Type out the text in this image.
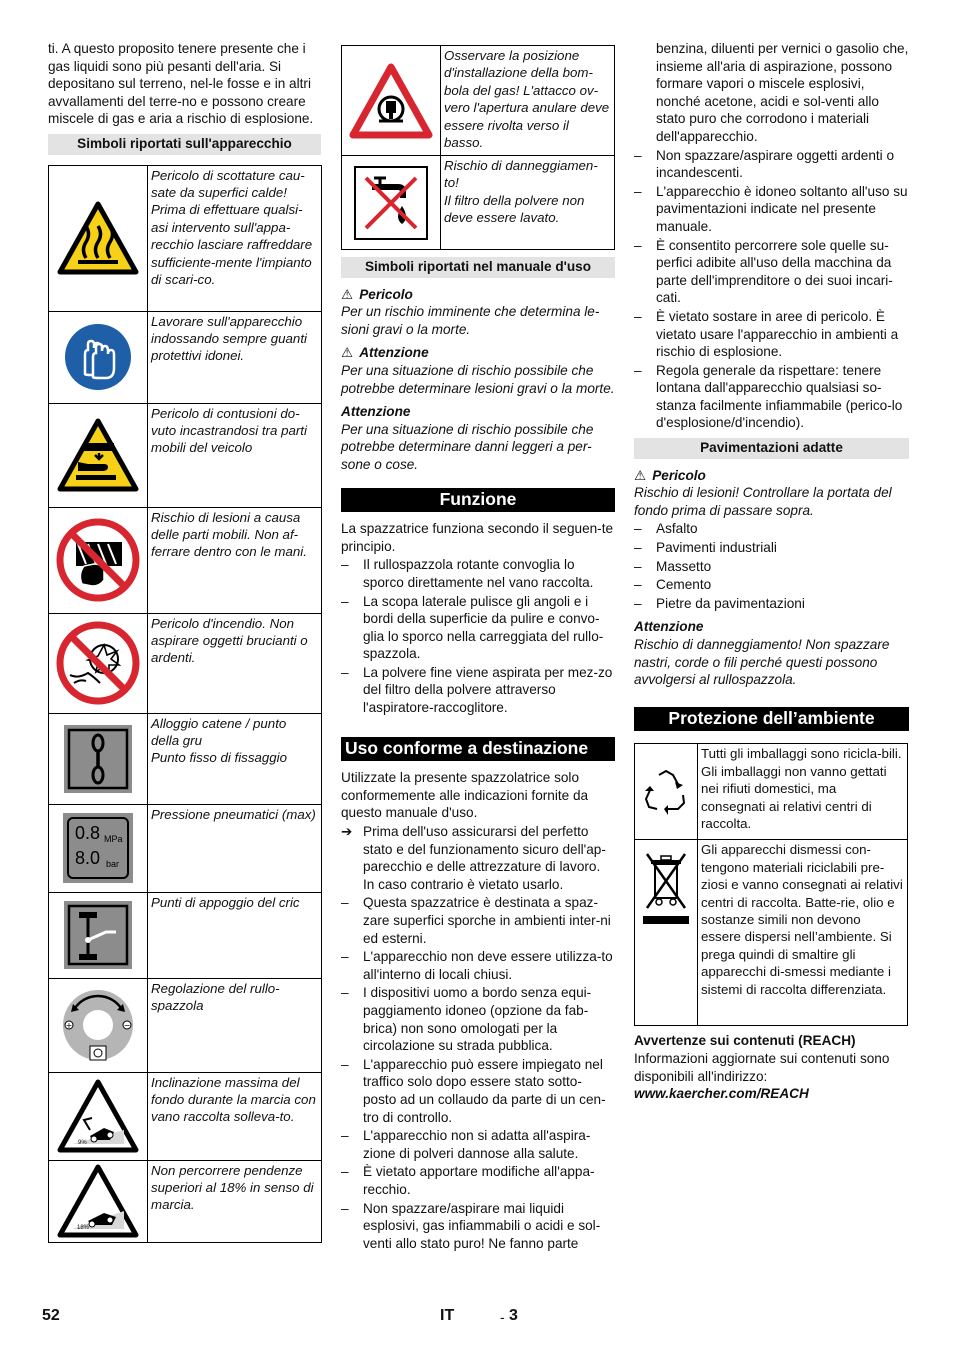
ti. A questo proposito tenere presente che i gas liquidi sono più pesanti dell'aria. Si depositano sul terreno, nel-le fosse e in altri avvallamenti del terre-no e possono creare miscele di gas e aria a rischio di esplosione.

Simboli riportati sull'apparecchio
	Pericolo di scottature cau-sate da superfici calde! Prima di effettuare qualsi-asi intervento sull'appa-recchio lasciare raffreddare sufficiente-mente l'impianto di scari-co.

	Lavorare sull'apparecchio indossando sempre guanti protettivi idonei.

	Pericolo di contusioni do-vuto incastrandosi tra parti mobili del veicolo

	Rischio di lesioni a causa delle parti mobili. Non af-ferrare dentro con le mani.

	Pericolo d'incendio. Non aspirare oggetti brucianti o ardenti.

	Alloggio catene / punto della gru
Punto fisso di fissaggio

0.8 MPa
8.0 bar	Pressione pneumatici (max)

	Punti di appoggio del cric

+ −	Regolazione del rullo-spazzola

9%	Inclinazione massima del fondo durante la marcia con vano raccolta solleva-to.

18%	Non percorrere pendenze superiori al 18% in senso di marcia.
	Osservare la posizione d'installazione della bom-bola del gas! L'attacco ov-vero l'apertura anulare deve essere rivolta verso il basso.

	Rischio di danneggiamen-to!
Il filtro della polvere non deve essere lavato.
Simboli riportati nel manuale d'uso
⚠ Pericolo

Per un rischio imminente che determina le-sioni gravi o la morte.

⚠ Attenzione

Per una situazione di rischio possibile che potrebbe determinare lesioni gravi o la morte.

Attenzione

Per una situazione di rischio possibile che potrebbe determinare danni leggeri a per-sone o cose.

Funzione

La spazzatrice funziona secondo il seguen-te principio.

– Il rullospazzola rotante convoglia lo sporco direttamente nel vano raccolta.
– La scopa laterale pulisce gli angoli e i bordi della superficie da pulire e convo-glia lo sporco nella carreggiata del rullo-spazzola.
– La polvere fine viene aspirata per mez-zo del filtro della polvere attraverso l'aspiratore-raccoglitore.
Uso conforme a destinazione

Utilizzate la presente spazzolatrice solo conformemente alle indicazioni fornite da questo manuale d'uso.

➔ Prima dell'uso assicurarsi del perfetto stato e del funzionamento sicuro dell'ap-parecchio e delle attrezzature di lavoro. In caso contrario è vietato usarlo.
– Questa spazzatrice è destinata a spaz-zare superfici sporche in ambienti inter-ni ed esterni.
– L'apparecchio non deve essere utilizza-to all'interno di locali chiusi.
– I dispositivi uomo a bordo senza equi-paggiamento idoneo (opzione da fab-brica) non sono omologati per la circolazione su strada pubblica.
– L'apparecchio può essere impiegato nel traffico solo dopo essere stato sotto-posto ad un collaudo da parte di un cen-tro di controllo.
– L'apparecchio non si adatta all'aspira-zione di polveri dannose alla salute.
– È vietato apportare modifiche all'appa-recchio.
– Non spazzare/aspirare mai liquidi esplosivi, gas infiammabili o acidi e sol-venti allo stato puro! Ne fanno parte

benzina, diluenti per vernici o gasolio che, insieme all'aria di aspirazione, possono formare vapori o miscele esplosivi, nonché acetone, acidi e sol-venti allo stato puro che corrodono i materiali dell'apparecchio.

– Non spazzare/aspirare oggetti ardenti o incandescenti.
– L'apparecchio è idoneo soltanto all'uso su pavimentazioni indicate nel presente manuale.
– È consentito percorrere sole quelle su-perfici adibite all'uso della macchina da parte dell'imprenditore o dei suoi incari-cati.
– È vietato sostare in aree di pericolo. È vietato usare l'apparecchio in ambienti a rischio di esplosione.
– Regola generale da rispettare: tenere lontana dall'apparecchio qualsiasi so-stanza facilmente infiammabile (perico-lo d'esplosione/d'incendio).
Pavimentazioni adatte
⚠ Pericolo

Rischio di lesioni! Controllare la portata del fondo prima di passare sopra.

– Asfalto
– Pavimenti industriali
– Massetto
– Cemento
– Pietre da pavimentazioni
Attenzione

Rischio di danneggiamento! Non spazzare nastri, corde o fili perché questi possono avvolgersi al rullospazzola.

Protezione dell’ambiente
	Tutti gli imballaggi sono ricicla-bili. Gli imballaggi non vanno gettati nei rifiuti domestici, ma consegnati ai relativi centri di raccolta.

	Gli apparecchi dismessi con-tengono materiali riciclabili pre-ziosi e vanno consegnati ai relativi centri di raccolta. Batte-rie, olio e sostanze simili non devono essere dispersi nell’ambiente. Si prega quindi di smaltire gli apparecchi di-smessi mediante i sistemi di raccolta differenziata.

Avvertenze sui contenuti (REACH)

Informazioni aggiornate sui contenuti sono disponibili all'indirizzo:

www.kaercher.com/REACH

52	IT	- 3
